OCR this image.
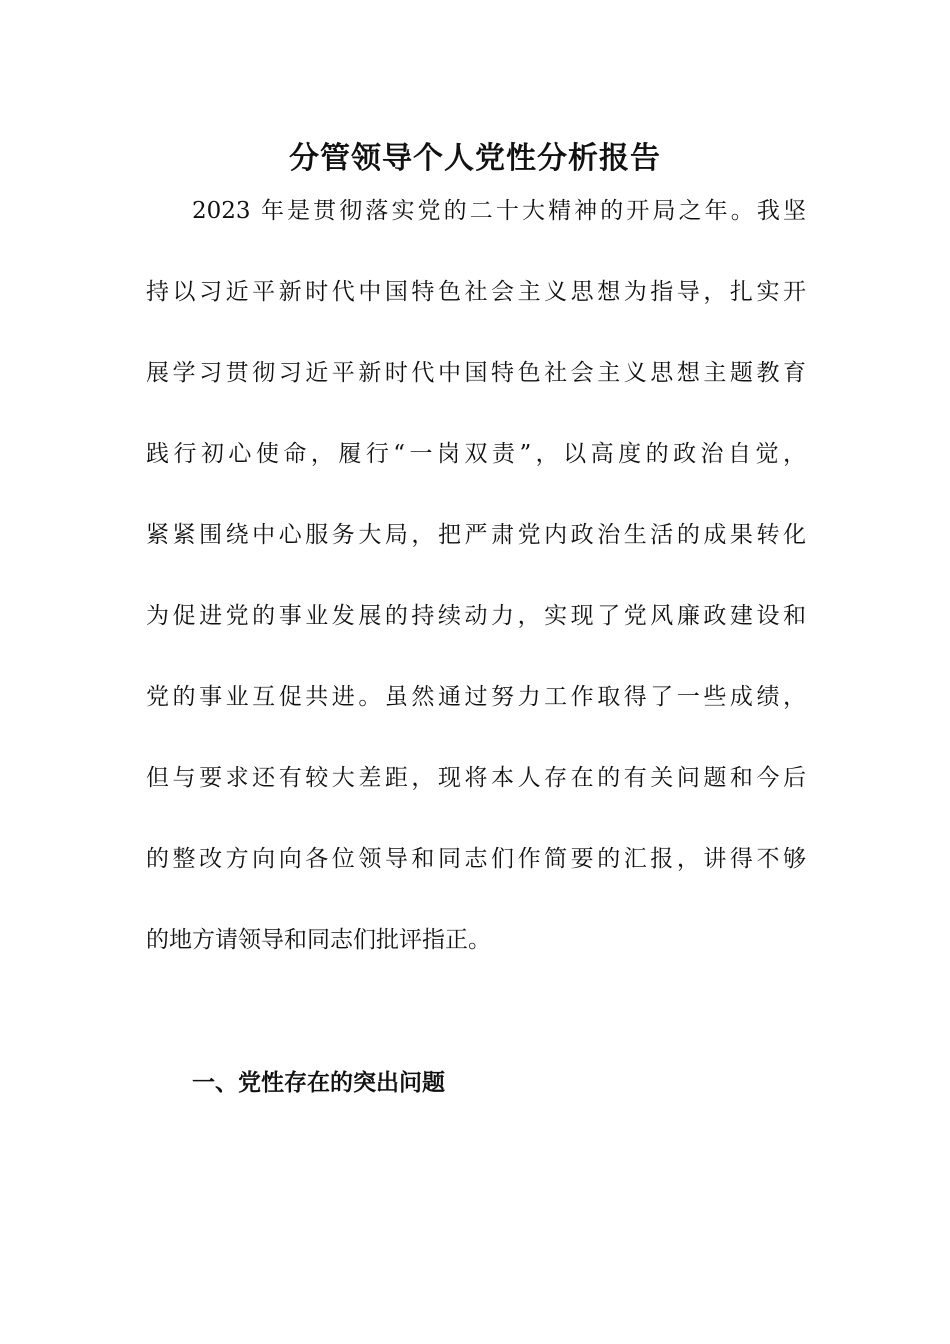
分管领导个人党性分析报告
2023 年是贯彻落实党的二十大精神的开局之年。我坚
持以习近平新时代中国特色社会主义思想为指导，扎实开
展学习贯彻习近平新时代中国特色社会主义思想主题教育
践行初心使命，履行“一岗双责”，以高度的政治自觉，
紧紧围绕中心服务大局，把严肃党内政治生活的成果转化
为促进党的事业发展的持续动力，实现了党风廉政建设和
党的事业互促共进。虽然通过努力工作取得了一些成绩，
但与要求还有较大差距，现将本人存在的有关问题和今后
的整改方向向各位领导和同志们作简要的汇报，讲得不够
的地方请领导和同志们批评指正。
一、党性存在的突出问题
